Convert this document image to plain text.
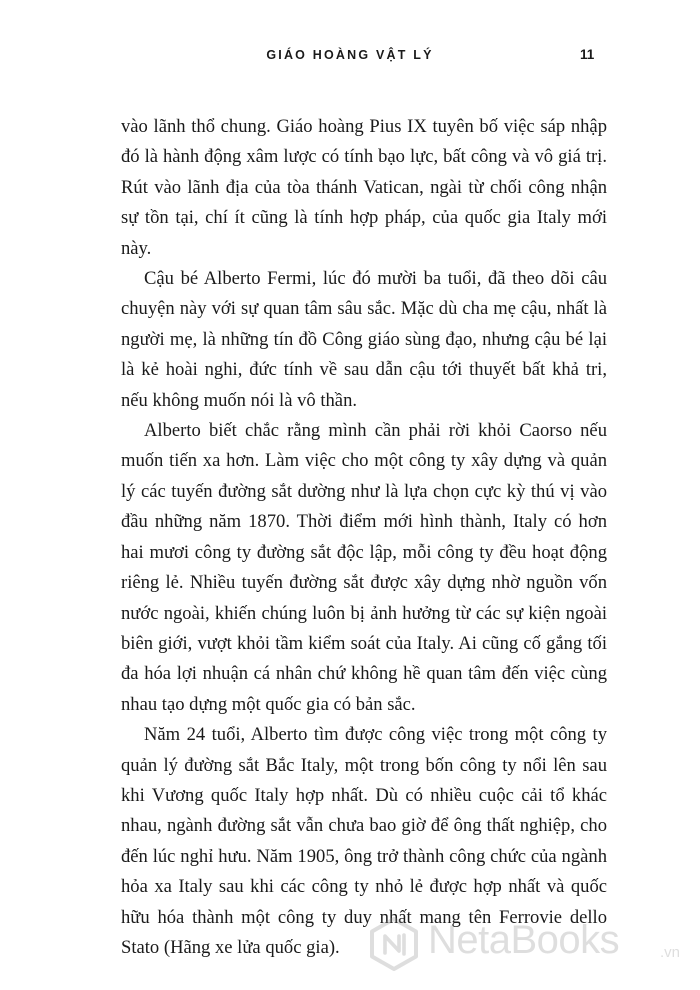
GIÁO HOÀNG VẬT LÝ	11

vào lãnh thổ chung. Giáo hoàng Pius IX tuyên bố việc sáp nhập đó là hành động xâm lược có tính bạo lực, bất công và vô giá trị. Rút vào lãnh địa của tòa thánh Vatican, ngài từ chối công nhận sự tồn tại, chí ít cũng là tính hợp pháp, của quốc gia Italy mới này.

Cậu bé Alberto Fermi, lúc đó mười ba tuổi, đã theo dõi câu chuyện này với sự quan tâm sâu sắc. Mặc dù cha mẹ cậu, nhất là người mẹ, là những tín đồ Công giáo sùng đạo, nhưng cậu bé lại là kẻ hoài nghi, đức tính về sau dẫn cậu tới thuyết bất khả tri, nếu không muốn nói là vô thần.

Alberto biết chắc rằng mình cần phải rời khỏi Caorso nếu muốn tiến xa hơn. Làm việc cho một công ty xây dựng và quản lý các tuyến đường sắt dường như là lựa chọn cực kỳ thú vị vào đầu những năm 1870. Thời điểm mới hình thành, Italy có hơn hai mươi công ty đường sắt độc lập, mỗi công ty đều hoạt động riêng lẻ. Nhiều tuyến đường sắt được xây dựng nhờ nguồn vốn nước ngoài, khiến chúng luôn bị ảnh hưởng từ các sự kiện ngoài biên giới, vượt khỏi tầm kiểm soát của Italy. Ai cũng cố gắng tối đa hóa lợi nhuận cá nhân chứ không hề quan tâm đến việc cùng nhau tạo dựng một quốc gia có bản sắc.

Năm 24 tuổi, Alberto tìm được công việc trong một công ty quản lý đường sắt Bắc Italy, một trong bốn công ty nổi lên sau khi Vương quốc Italy hợp nhất. Dù có nhiều cuộc cải tổ khác nhau, ngành đường sắt vẫn chưa bao giờ để ông thất nghiệp, cho đến lúc nghỉ hưu. Năm 1905, ông trở thành công chức của ngành hỏa xa Italy sau khi các công ty nhỏ lẻ được hợp nhất và quốc hữu hóa thành một công ty duy nhất mang tên Ferrovie dello Stato (Hãng xe lửa quốc gia).	NetaBooks	.vn
